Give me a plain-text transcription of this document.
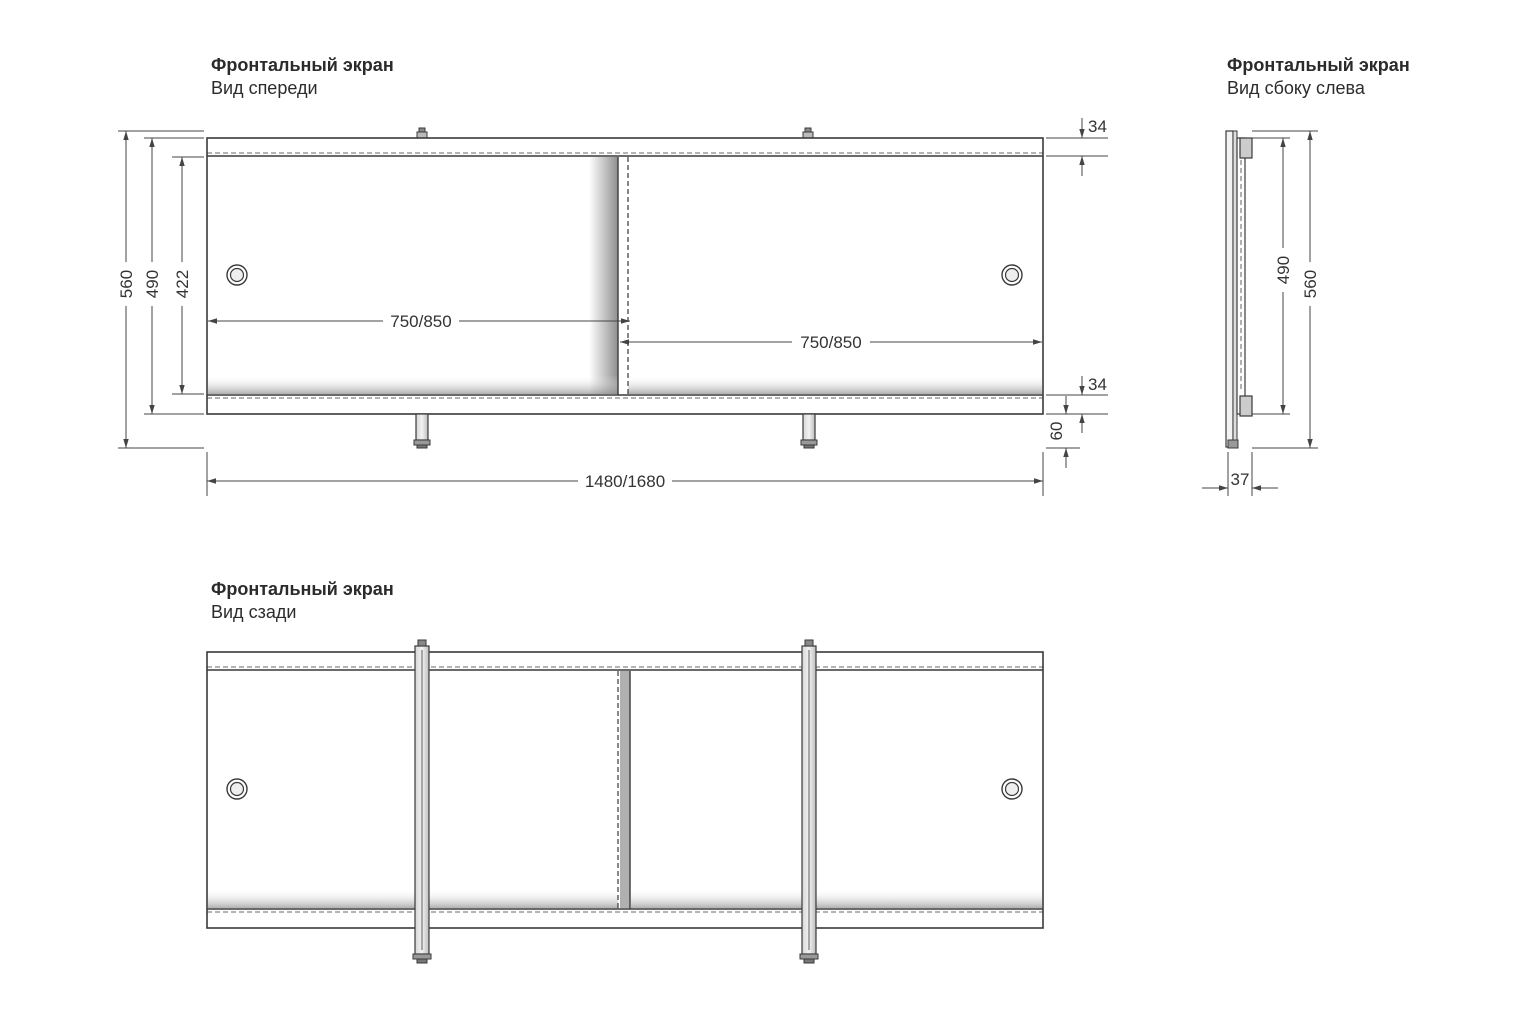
Фронтальный экран
Вид спереди
Фронтальный экран
Вид сбоку слева
Фронтальный экран
Вид сзади
560 490 422
750/850
750/850
34
34
60
1480/1680
490 560
37
